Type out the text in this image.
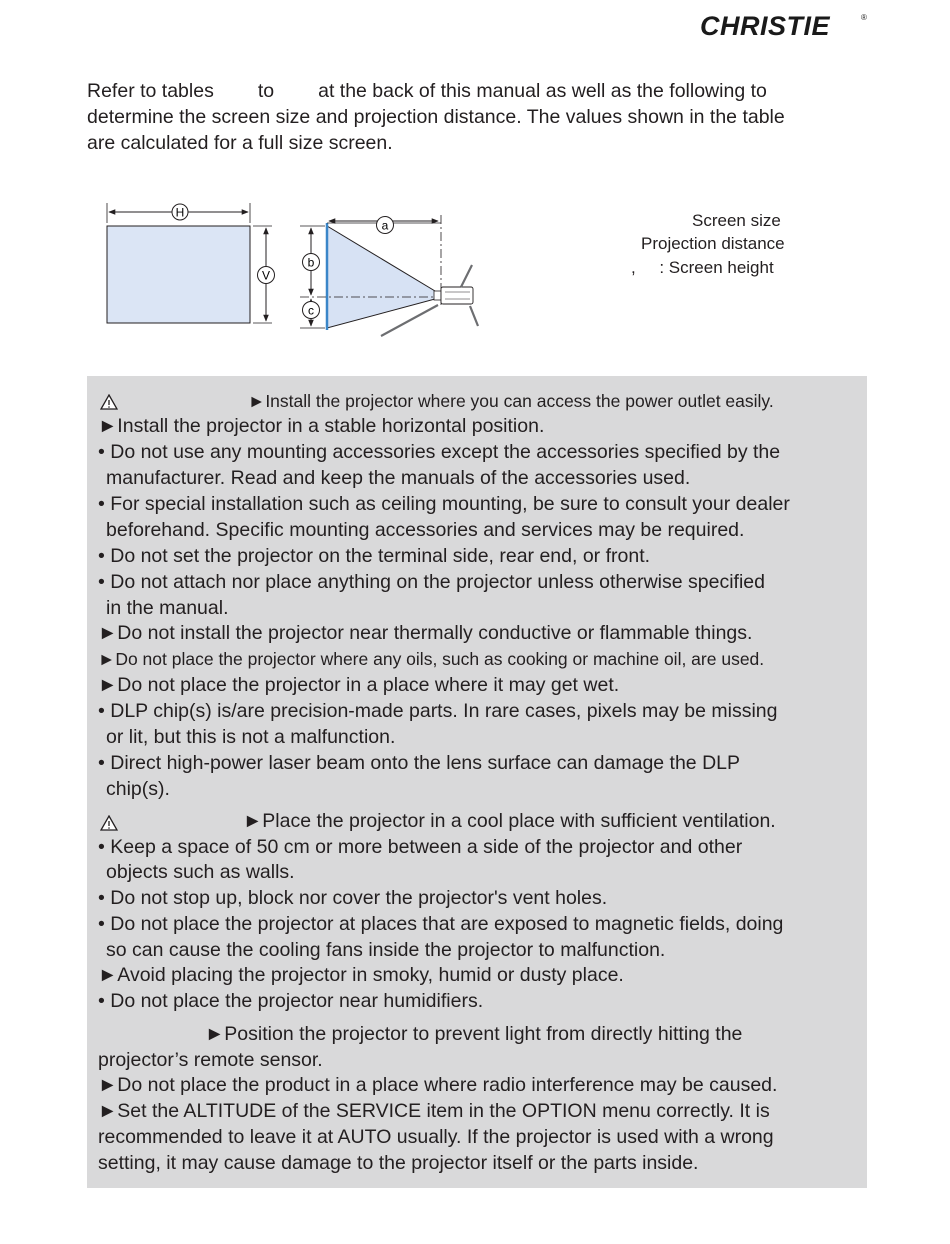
CHRISTIE	®

Refer to tables to at the back of this manual as well as the following to

determine the screen size and projection distance. The values shown in the table

are calculated for a full size screen.

H
V
a
b
c
Screen size
Projection distance
,     : Screen height
►Install the projector where you can access the power outlet easily.
►Install the projector in a stable horizontal position.
• Do not use any mounting accessories except the accessories specified by the
manufacturer. Read and keep the manuals of the accessories used.
• For special installation such as ceiling mounting, be sure to consult your dealer
beforehand. Specific mounting accessories and services may be required.
• Do not set the projector on the terminal side, rear end, or front.
• Do not attach nor place anything on the projector unless otherwise specified
in the manual.
►Do not install the projector near thermally conductive or flammable things.
►Do not place the projector where any oils, such as cooking or machine oil, are used.
►Do not place the projector in a place where it may get wet.
• DLP chip(s) is/are precision-made parts. In rare cases, pixels may be missing
or lit, but this is not a malfunction.
• Direct high-power laser beam onto the lens surface can damage the DLP
chip(s).
►Place the projector in a cool place with sufficient ventilation.
• Keep a space of 50 cm or more between a side of the projector and other
objects such as walls.
• Do not stop up, block nor cover the projector's vent holes.
• Do not place the projector at places that are exposed to magnetic fields, doing
so can cause the cooling fans inside the projector to malfunction.
►Avoid placing the projector in smoky, humid or dusty place.
• Do not place the projector near humidifiers.
►Position the projector to prevent light from directly hitting the
projector’s remote sensor.
►Do not place the product in a place where radio interference may be caused.
►Set the ALTITUDE of the SERVICE item in the OPTION menu correctly. It is
recommended to leave it at AUTO usually. If the projector is used with a wrong
setting, it may cause damage to the projector itself or the parts inside.
